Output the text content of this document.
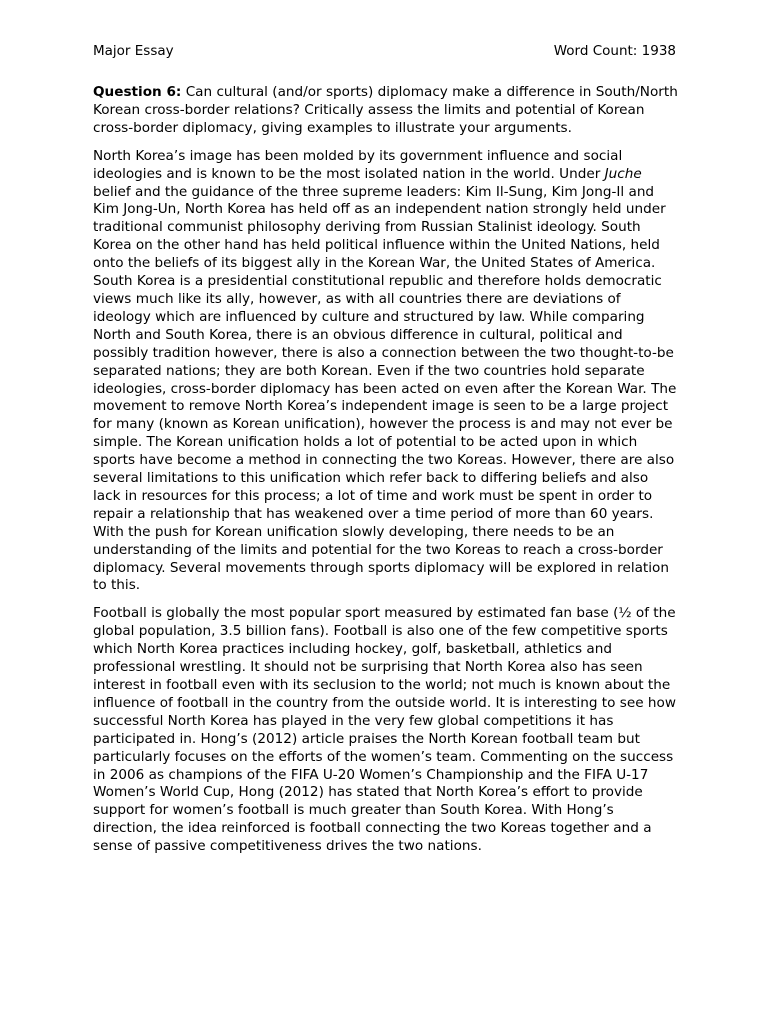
Major Essay	Word Count: 1938

Question 6: Can cultural (and/or sports) diplomacy make a difference in South/North Korean cross-border relations? Critically assess the limits and potential of Korean cross-border diplomacy, giving examples to illustrate your arguments.

North Korea’s image has been molded by its government influence and social ideologies and is known to be the most isolated nation in the world. Under Juche belief and the guidance of the three supreme leaders: Kim Il-Sung, Kim Jong-Il and Kim Jong-Un, North Korea has held off as an independent nation strongly held under traditional communist philosophy deriving from Russian Stalinist ideology. South Korea on the other hand has held political influence within the United Nations, held onto the beliefs of its biggest ally in the Korean War, the United States of America. South Korea is a presidential constitutional republic and therefore holds democratic views much like its ally, however, as with all countries there are deviations of ideology which are influenced by culture and structured by law. While comparing North and South Korea, there is an obvious difference in cultural, political and possibly tradition however, there is also a connection between the two thought-to-be separated nations; they are both Korean. Even if the two countries hold separate ideologies, cross-border diplomacy has been acted on even after the Korean War. The movement to remove North Korea’s independent image is seen to be a large project for many (known as Korean unification), however the process is and may not ever be simple. The Korean unification holds a lot of potential to be acted upon in which sports have become a method in connecting the two Koreas. However, there are also several limitations to this unification which refer back to differing beliefs and also lack in resources for this process; a lot of time and work must be spent in order to repair a relationship that has weakened over a time period of more than 60 years. With the push for Korean unification slowly developing, there needs to be an understanding of the limits and potential for the two Koreas to reach a cross-border diplomacy. Several movements through sports diplomacy will be explored in relation to this.

Football is globally the most popular sport measured by estimated fan base (½ of the global population, 3.5 billion fans). Football is also one of the few competitive sports which North Korea practices including hockey, golf, basketball, athletics and professional wrestling. It should not be surprising that North Korea also has seen interest in football even with its seclusion to the world; not much is known about the influence of football in the country from the outside world. It is interesting to see how successful North Korea has played in the very few global competitions it has participated in. Hong’s (2012) article praises the North Korean football team but particularly focuses on the efforts of the women’s team. Commenting on the success in 2006 as champions of the FIFA U-20 Women’s Championship and the FIFA U-17 Women’s World Cup, Hong (2012) has stated that North Korea’s effort to provide support for women’s football is much greater than South Korea. With Hong’s direction, the idea reinforced is football connecting the two Koreas together and a sense of passive competitiveness drives the two nations.
